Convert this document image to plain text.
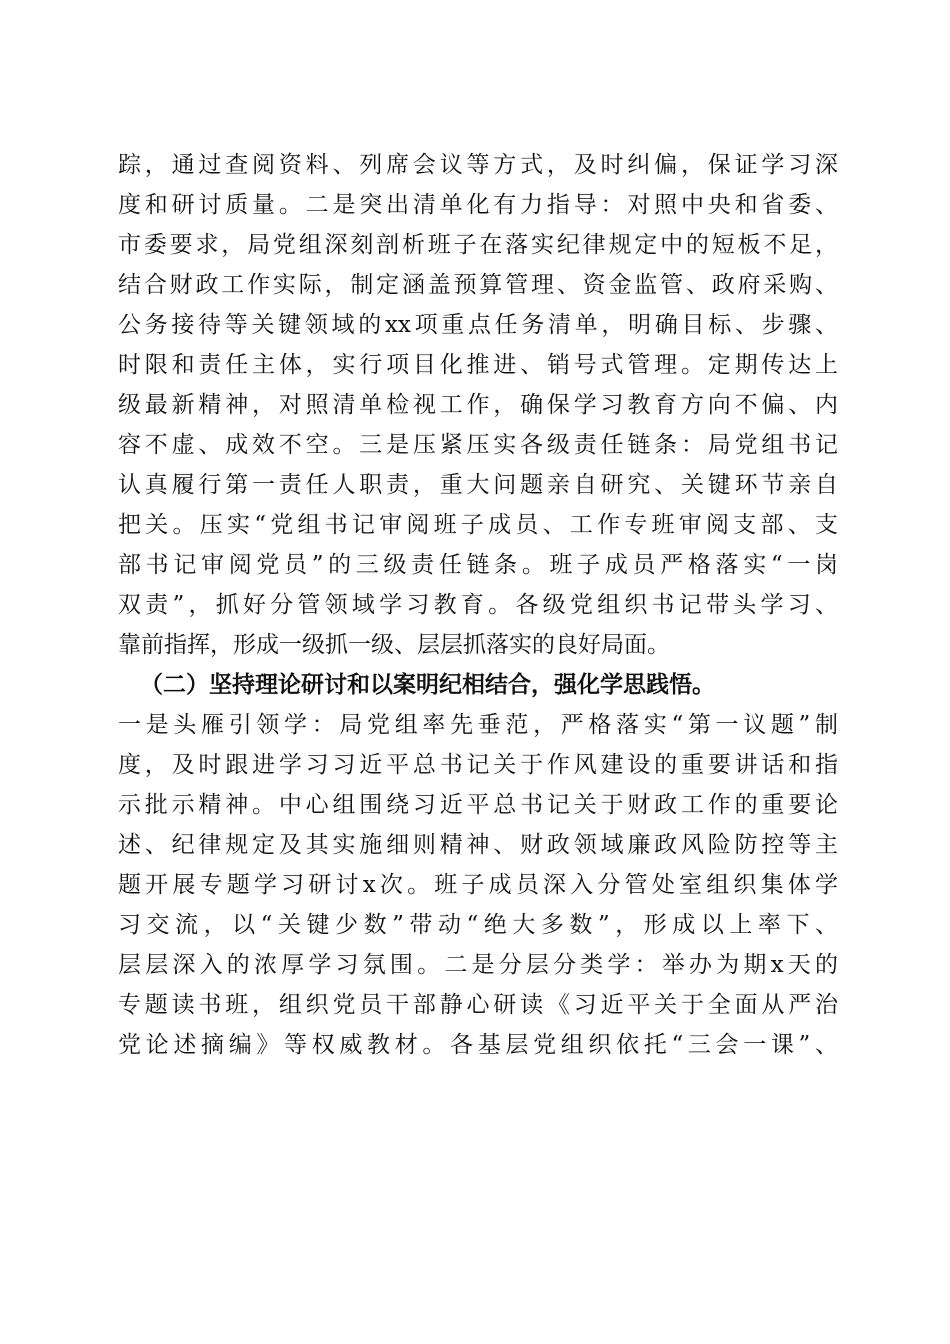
踪，通过查阅资料、列席会议等方式，及时纠偏，保证学习深
度和研讨质量。二是突出清单化有力指导：对照中央和省委、
市委要求，局党组深刻剖析班子在落实纪律规定中的短板不足，
结合财政工作实际，制定涵盖预算管理、资金监管、政府采购、
公务接待等关键领域的xx项重点任务清单，明确目标、步骤、
时限和责任主体，实行项目化推进、销号式管理。定期传达上
级最新精神，对照清单检视工作，确保学习教育方向不偏、内
容不虚、成效不空。三是压紧压实各级责任链条：局党组书记
认真履行第一责任人职责，重大问题亲自研究、关键环节亲自
把关。压实“党组书记审阅班子成员、工作专班审阅支部、支
部书记审阅党员”的三级责任链条。班子成员严格落实“一岗
双责”，抓好分管领域学习教育。各级党组织书记带头学习、
靠前指挥，形成一级抓一级、层层抓落实的良好局面。
（二）坚持理论研讨和以案明纪相结合，强化学思践悟。
一是头雁引领学：局党组率先垂范，严格落实“第一议题”制
度，及时跟进学习习近平总书记关于作风建设的重要讲话和指
示批示精神。中心组围绕习近平总书记关于财政工作的重要论
述、纪律规定及其实施细则精神、财政领域廉政风险防控等主
题开展专题学习研讨x次。班子成员深入分管处室组织集体学
习交流，以“关键少数”带动“绝大多数”，形成以上率下、
层层深入的浓厚学习氛围。二是分层分类学：举办为期x天的
专题读书班，组织党员干部静心研读《习近平关于全面从严治
党论述摘编》等权威教材。各基层党组织依托“三会一课”、
